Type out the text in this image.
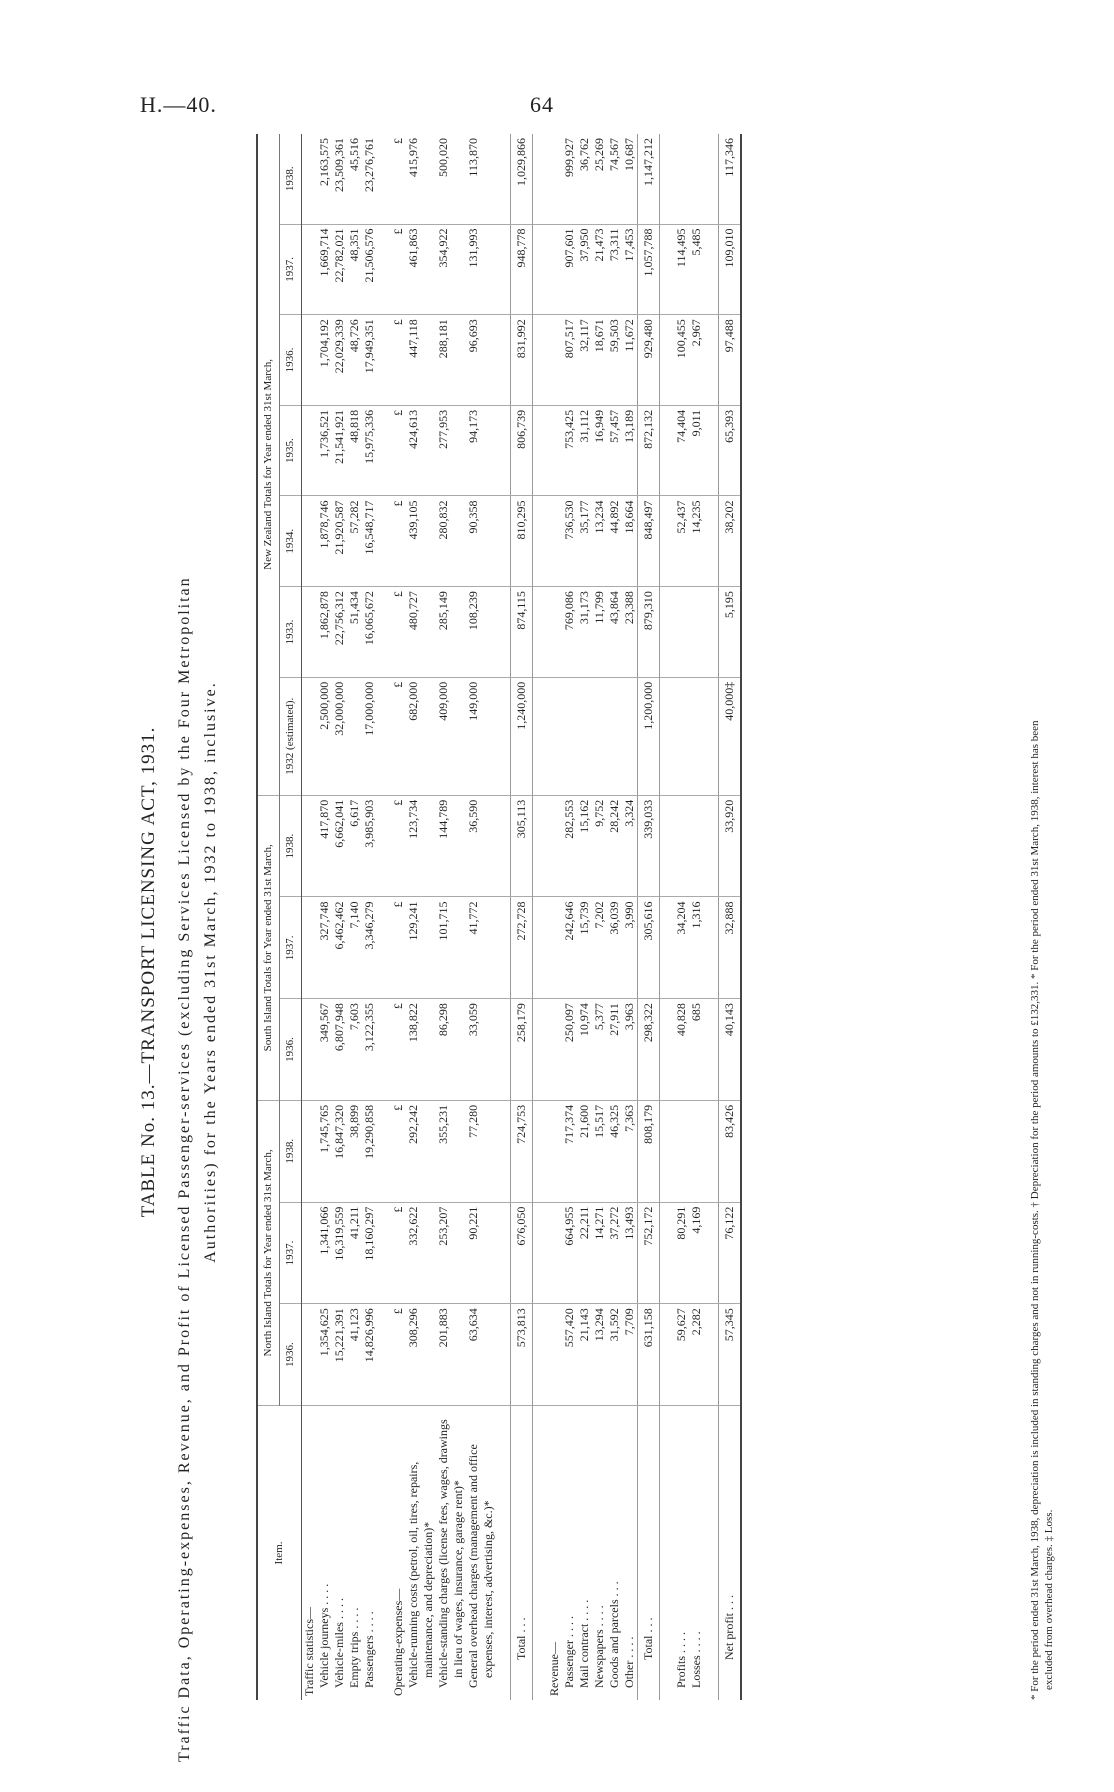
H.—40.	64
TABLE No. 13.—TRANSPORT LICENSING ACT, 1931. Traffic Data, Operating-expenses, Revenue, and Profit of Licensed Passenger-services (excluding Services Licensed by the Four Metropolitan Authorities) for the Years ended 31st March, 1932 to 1938, inclusive.
Item.	North Island Totals for Year ended 31st March,			South Island Totals for Year ended 31st March,			New Zealand Totals for Year ended 31st March,						
	1936.	1937.	1938.	1936.	1937.	1938.	1932 (estimated).	1933.	1934.	1935.	1936.	1937.	1938.
Traffic statistics—													
Vehicle journeys . . . .	1,354,625	1,341,066	1,745,765	349,567	327,748	417,870	2,500,000	1,862,878	1,878,746	1,736,521	1,704,192	1,669,714	2,163,575
Vehicle-miles . . . .	15,221,391	16,319,559	16,847,320	6,807,948	6,462,462	6,662,041	32,000,000	22,756,312	21,920,587	21,541,921	22,029,339	22,782,021	23,509,361
Empty trips . . . .	41,123	41,211	38,899	7,603	7,140	6,617		51,434	57,282	48,818	48,726	48,351	45,516
Passengers . . . .	14,826,996	18,160,297	19,290,858	3,122,355	3,346,279	3,985,903	17,000,000	16,065,672	16,548,717	15,975,336	17,949,351	21,506,576	23,276,761

Operating-expenses—	£	£	£	£	£	£	£	£	£	£	£	£	£
Vehicle-running costs (petrol, oil, tires, repairs, maintenance, and depreciation)*	308,296	332,622	292,242	138,822	129,241	123,734	682,000	480,727	439,105	424,613	447,118	461,863	415,976
Vehicle-standing charges (license fees, wages, drawings in lieu of wages, insurance, garage rent)*	201,883	253,207	355,231	86,298	101,715	144,789	409,000	285,149	280,832	277,953	288,181	354,922	500,020
General overhead charges (management and office expenses, interest, advertising, &c.)*	63,634	90,221	77,280	33,059	41,772	36,590	149,000	108,239	90,358	94,173	96,693	131,993	113,870

Total . . .	573,813	676,050	724,753	258,179	272,728	305,113	1,240,000	874,115	810,295	806,739	831,992	948,778	1,029,866

Revenue—													
Passenger . . . .	557,420	664,955	717,374	250,097	242,646	282,553		769,086	736,530	753,425	807,517	907,601	999,927
Mail contract . . . .	21,143	22,211	21,600	10,974	15,739	15,162		31,173	35,177	31,112	32,117	37,950	36,762
Newspapers . . . .	13,294	14,271	15,517	5,377	7,202	9,752		11,799	13,234	16,949	18,671	21,473	25,269
Goods and parcels . . .	31,592	37,272	46,325	27,911	36,039	28,242		43,864	44,892	57,457	59,503	73,311	74,567
Other . . . .	7,709	13,493	7,363	3,963	3,990	3,324		23,388	18,664	13,189	11,672	17,453	10,687
Total . . .	631,158	752,172	808,179	298,322	305,616	339,033	1,200,000	879,310	848,497	872,132	929,480	1,057,788	1,147,212

Profits . . . .	59,627	80,291		40,828	34,204				52,437	74,404	100,455	114,495	
Losses . . . .	2,282	4,169		685	1,316				14,235	9,011	2,967	5,485	

Net profit . . .	57,345	76,122	83,426	40,143	32,888	33,920	40,000‡	5,195	38,202	65,393	97,488	109,010	117,346
* For the period ended 31st March, 1938, depreciation is included in standing charges and not in running-costs. † Depreciation for the period amounts to £132,331. * For the period ended 31st March, 1938, interest has been excluded from overhead charges. ‡ Loss.
